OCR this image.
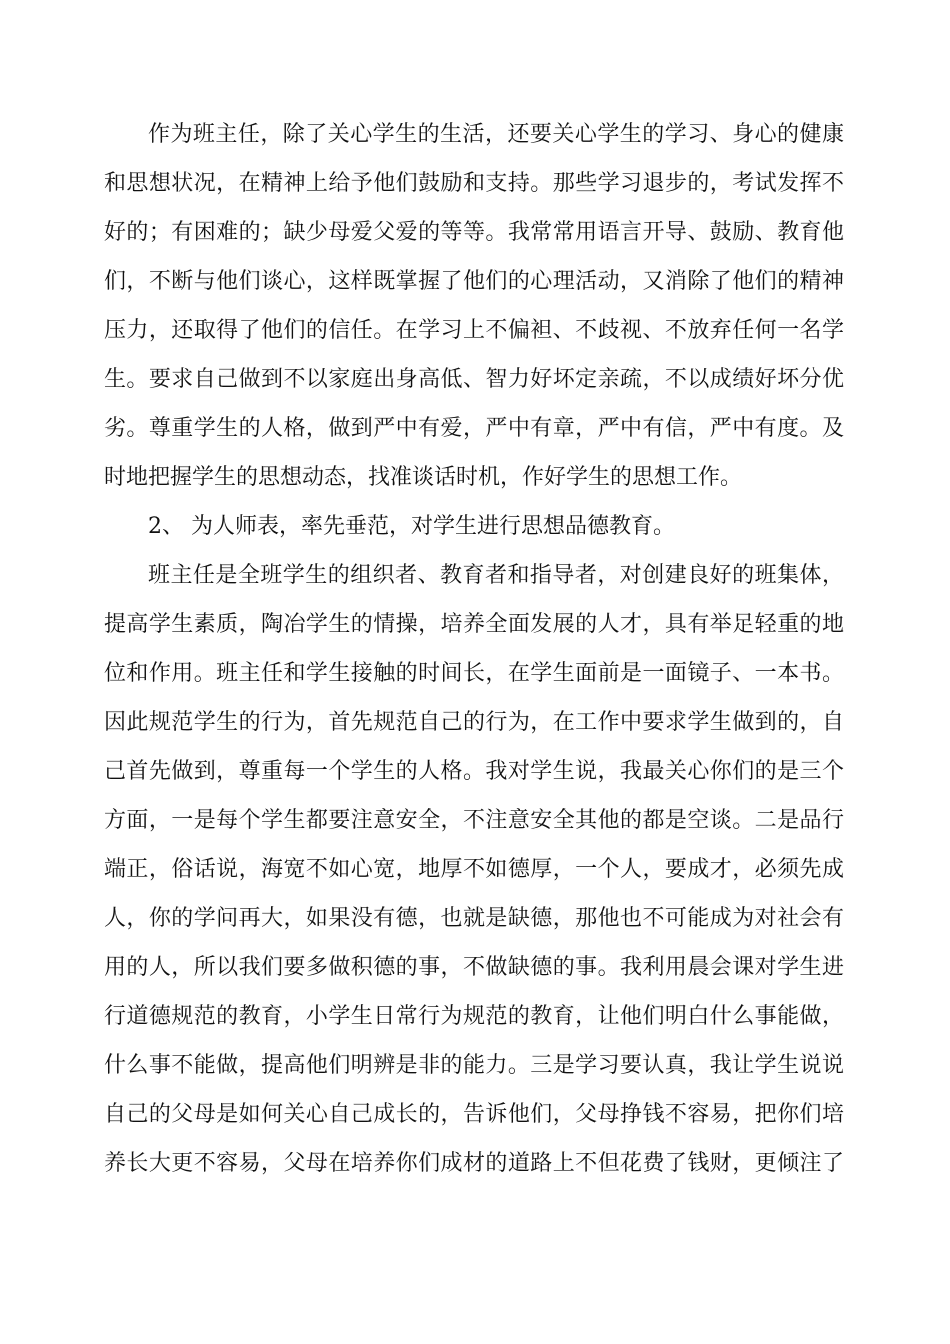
作为班主任，除了关心学生的生活，还要关心学生的学习、身心的健康
和思想状况，在精神上给予他们鼓励和支持。那些学习退步的，考试发挥不
好的；有困难的；缺少母爱父爱的等等。我常常用语言开导、鼓励、教育他
们，不断与他们谈心，这样既掌握了他们的心理活动，又消除了他们的精神
压力，还取得了他们的信任。在学习上不偏袒、不歧视、不放弃任何一名学
生。要求自己做到不以家庭出身高低、智力好坏定亲疏，不以成绩好坏分优
劣。尊重学生的人格，做到严中有爱，严中有章，严中有信，严中有度。及
时地把握学生的思想动态，找准谈话时机，作好学生的思想工作。
2、 为人师表，率先垂范，对学生进行思想品德教育。
班主任是全班学生的组织者、教育者和指导者，对创建良好的班集体，
提高学生素质，陶冶学生的情操，培养全面发展的人才，具有举足轻重的地
位和作用。班主任和学生接触的时间长，在学生面前是一面镜子、一本书。
因此规范学生的行为，首先规范自己的行为，在工作中要求学生做到的，自
己首先做到，尊重每一个学生的人格。我对学生说，我最关心你们的是三个
方面，一是每个学生都要注意安全，不注意安全其他的都是空谈。二是品行
端正，俗话说，海宽不如心宽，地厚不如德厚，一个人，要成才，必须先成
人，你的学问再大，如果没有德，也就是缺德，那他也不可能成为对社会有
用的人，所以我们要多做积德的事，不做缺德的事。我利用晨会课对学生进
行道德规范的教育，小学生日常行为规范的教育，让他们明白什么事能做，
什么事不能做，提高他们明辨是非的能力。三是学习要认真，我让学生说说
自己的父母是如何关心自己成长的，告诉他们，父母挣钱不容易，把你们培
养长大更不容易，父母在培养你们成材的道路上不但花费了钱财，更倾注了
